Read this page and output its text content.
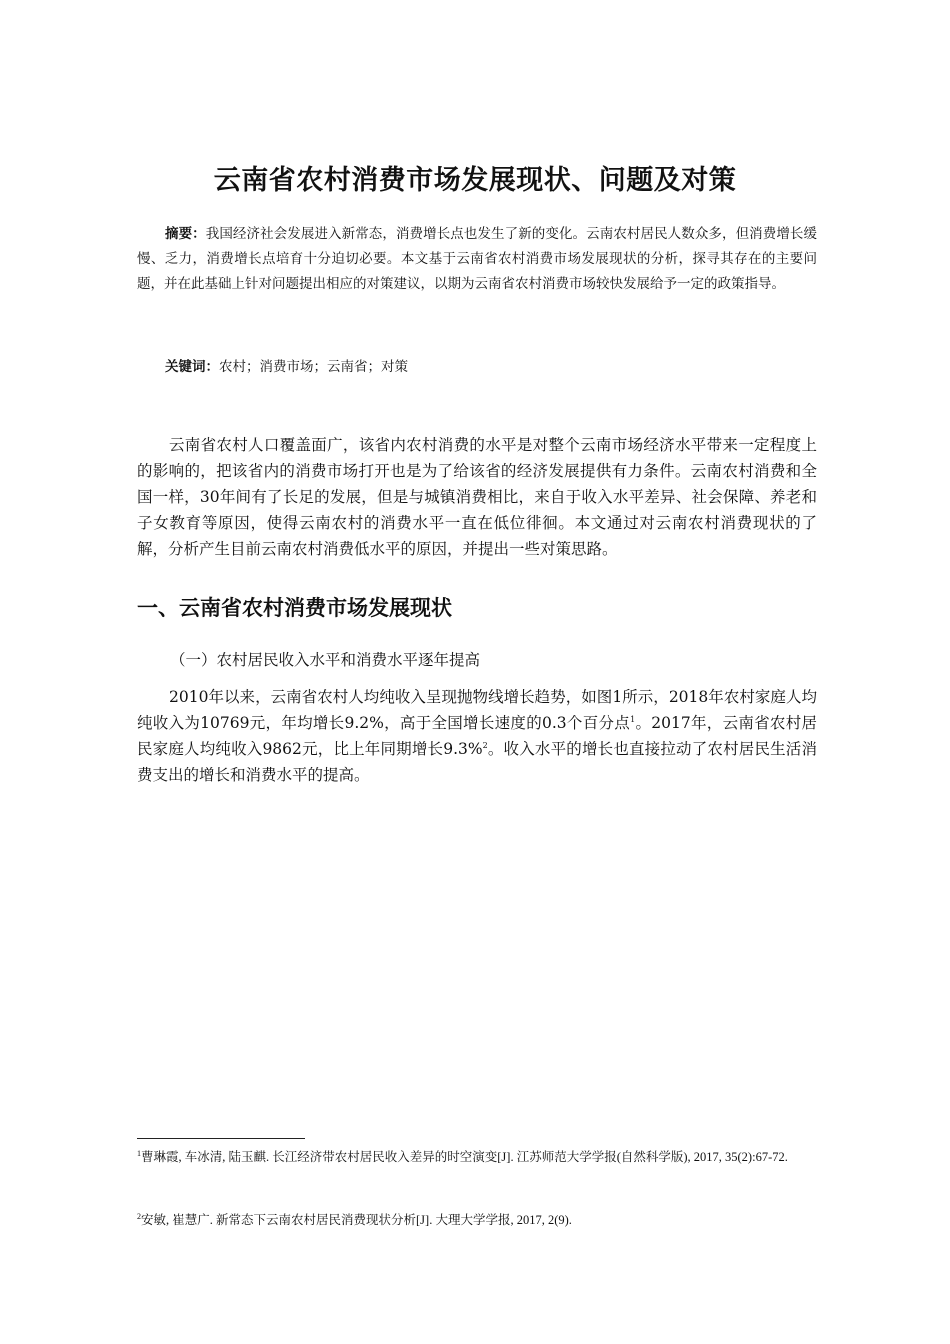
云南省农村消费市场发展现状、问题及对策

摘要：我国经济社会发展进入新常态，消费增长点也发生了新的变化。云南农村居民人数众多，但消费增长缓慢、乏力，消费增长点培育十分迫切必要。本文基于云南省农村消费市场发展现状的分析，探寻其存在的主要问题，并在此基础上针对问题提出相应的对策建议，以期为云南省农村消费市场较快发展给予一定的政策指导。

关键词：农村；消费市场；云南省；对策

云南省农村人口覆盖面广，该省内农村消费的水平是对整个云南市场经济水平带来一定程度上的影响的，把该省内的消费市场打开也是为了给该省的经济发展提供有力条件。云南农村消费和全国一样，30年间有了长足的发展，但是与城镇消费相比，来自于收入水平差异、社会保障、养老和子女教育等原因，使得云南农村的消费水平一直在低位徘徊。本文通过对云南农村消费现状的了解，分析产生目前云南农村消费低水平的原因，并提出一些对策思路。

一、云南省农村消费市场发展现状

（一）农村居民收入水平和消费水平逐年提高

2010年以来，云南省农村人均纯收入呈现抛物线增长趋势，如图1所示，2018年农村家庭人均纯收入为10769元，年均增长9.2%，高于全国增长速度的0.3个百分点$^1$。2017年，云南省农村居民家庭人均纯收入9862元，比上年同期增长9.3%$^2$。收入水平的增长也直接拉动了农村居民生活消费支出的增长和消费水平的提高。

$^1$曹琳霞, 车冰清, 陆玉麒. 长江经济带农村居民收入差异的时空演变[J]. 江苏师范大学学报(自然科学版), 2017, 35(2):67-72.

$^2$安敏, 崔慧广. 新常态下云南农村居民消费现状分析[J]. 大理大学学报, 2017, 2(9).
